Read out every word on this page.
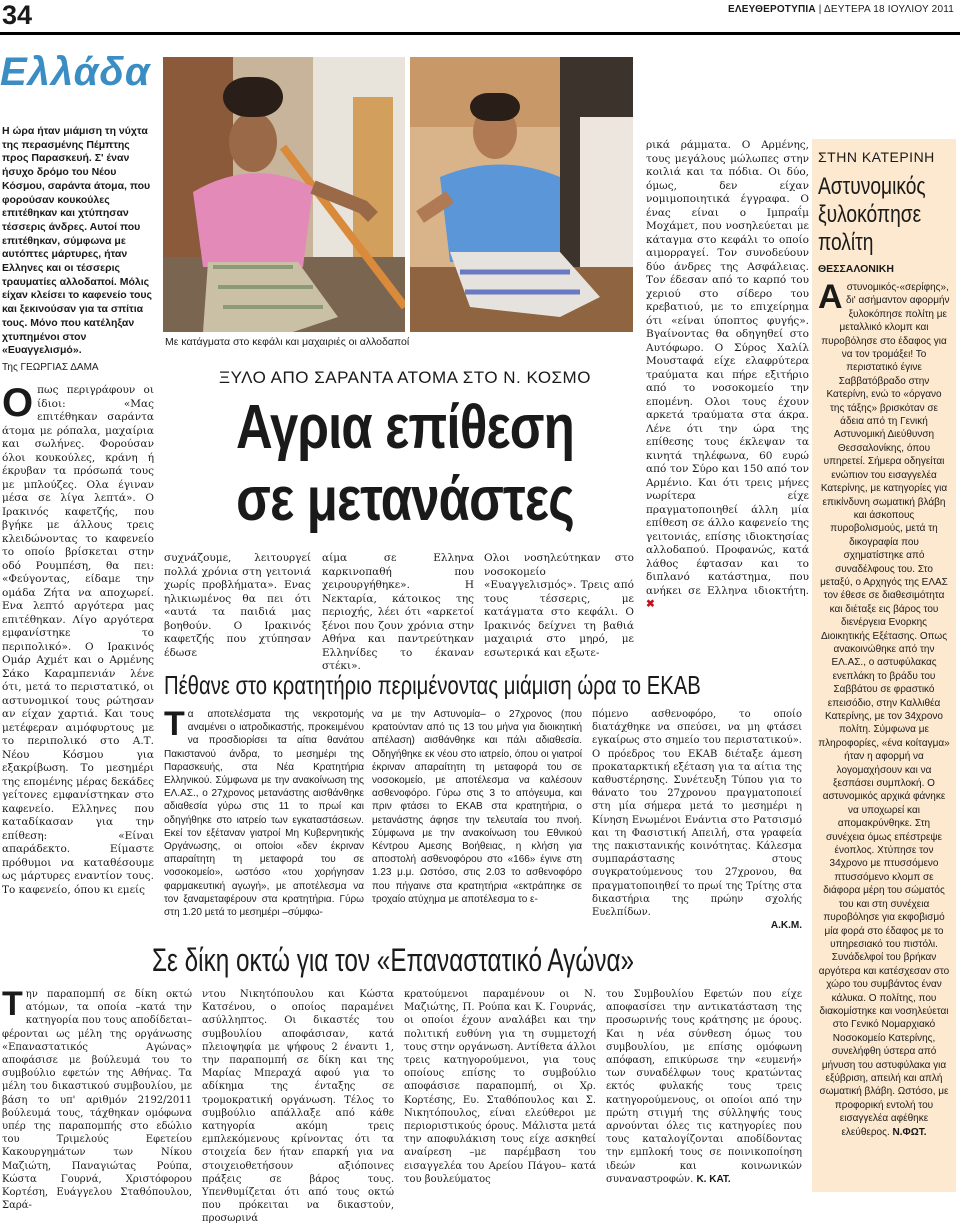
34	ΕΛΕΥΘΕΡΟΤΥΠΙΑ | ΔΕΥΤΕΡΑ 18 ΙΟΥΛΙΟΥ 2011
Ελλάδα
Η ώρα ήταν μιάμιση τη νύχτα της περασμένης Πέμπτης προς Παρασκευή. Σ' έναν ήσυχο δρόμο του Νέου Κόσμου, σαράντα άτομα, που φορούσαν κουκούλες επιτέθηκαν και χτύπησαν τέσσερις άνδρες. Αυτοί που επιτέθηκαν, σύμφωνα με αυτόπτες μάρτυρες, ήταν Ελληνες και οι τέσσερις τραυματίες αλλοδαποί. Μόλις είχαν κλείσει το καφενείο τους και ξεκινούσαν για τα σπίτια τους. Μόνο που κατέληξαν χτυπημένοι στον «Ευαγγελισμό».
Της ΓΕΩΡΓΙΑΣ ΔΑΜΑ
Οπως περιγράφουν οι ίδιοι: «Μας επιτέθηκαν σαράντα άτομα με ρόπαλα, μαχαίρια και σωλήνες. Φορούσαν όλοι κουκούλες, κράνη ή έκρυβαν τα πρόσωπά τους με μπλούζες. Ολα έγιναν μέσα σε λίγα λεπτά». Ο Ιρακινός καφετζής, που βγήκε με άλλους τρεις κλειδώνοντας το καφενείο το οποίο βρίσκεται στην οδό Ρουμπέση, θα πει: «Φεύγοντας, είδαμε την ομάδα Ζήτα να αποχωρεί. Ενα λεπτό αργότερα μας επιτέθηκαν. Λίγο αργότερα εμφανίστηκε το περιπολικό». Ο Ιρακινός Ομάρ Αχμέτ και ο Αρμένης Σάκο Καραμπενιάν λένε ότι, μετά το περιστατικό, οι αστυνομικοί τους ρώτησαν αν είχαν χαρτιά. Και τους μετέφεραν αιμόφυρτους με το περιπολικό στο Α.Τ. Νέου Κόσμου για εξακρίβωση. Το μεσημέρι της επομένης μέρας δεκάδες γείτονες εμφανίστηκαν στο καφενείο. Ελληνες που καταδίκασαν για την επίθεση: «Είναι απαράδεκτο. Είμαστε πρόθυμοι να καταθέσουμε ως μάρτυρες εναντίον τους. Το καφενείο, όπου κι εμείς
Με κατάγματα στο κεφάλι και μαχαιριές οι αλλοδαποί
ΞΥΛΟ ΑΠΟ ΣΑΡΑΝΤΑ ΑΤΟΜΑ ΣΤΟ Ν. ΚΟΣΜΟ
Αγρια επίθεση
σε μετανάστες
συχνάζουμε, λειτουργεί πολλά χρόνια στη γειτονιά χωρίς προβλήματα». Ενας ηλικιωμένος θα πει ότι «αυτά τα παιδιά μας βοηθούν. Ο Ιρακινός καφετζής που χτύπησαν έδωσε
αίμα σε Ελληνα καρκινοπαθή που χειρουργήθηκε». Η Νεκταρία, κάτοικος της περιοχής, λέει ότι «αρκετοί ξένοι που ζουν χρόνια στην Αθήνα και παντρεύτηκαν Ελληνίδες το έκαναν στέκι».
Ολοι νοσηλεύτηκαν στο νοσοκομείο «Ευαγγελισμός». Τρεις από τους τέσσερις, με κατάγματα στο κεφάλι. Ο Ιρακινός δείχνει τη βαθιά μαχαιριά στο μηρό, με εσωτερικά και εξωτε-
ρικά ράμματα. Ο Αρμένης, τους μεγάλους μώλωπες στην κοιλιά και τα πόδια. Οι δύο, όμως, δεν είχαν νομιμοποιητικά έγγραφα. Ο ένας είναι ο Ιμπραΐμ Μοχάμετ, που νοσηλεύεται με κάταγμα στο κεφάλι το οποίο αιμορραγεί. Τον συνοδεύουν δύο άνδρες της Ασφάλειας. Τον έδεσαν από το καρπό του χεριού στο σίδερο του κρεβατιού, με το επιχείρημα ότι «είναι ύποπτος φυγής». Βγαίνοντας θα οδηγηθεί στο Αυτόφωρο. Ο Σύρος Χαλίλ Μουσταφά είχε ελαφρύτερα τραύματα και πήρε εξιτήριο από το νοσοκομείο την επομένη. Ολοι τους έχουν αρκετά τραύματα στα άκρα. Λένε ότι την ώρα της επίθεσης τους έκλεψαν τα κινητά τηλέφωνα, 60 ευρώ από τον Σύρο και 150 από τον Αρμένιο. Και ότι τρεις μήνες νωρίτερα είχε πραγματοποιηθεί άλλη μία επίθεση σε άλλο καφενείο της γειτονιάς, επίσης ιδιοκτησίας αλλοδαπού. Προφανώς, κατά λάθος έφτασαν και το διπλανό κατάστημα, που ανήκει σε Ελληνα ιδιοκτήτη. ✖
Πέθανε στο κρατητήριο περιμένοντας μιάμιση ώρα το ΕΚΑΒ
Τα αποτελέσματα της νεκροτομής αναμένει ο ιατροδικαστής, προκειμένου να προσδιορίσει τα αίτια θανάτου Πακιστανού άνδρα, το μεσημέρι της Παρασκευής, στα Νέα Κρατητήρια Ελληνικού. Σύμφωνα με την ανακοίνωση της ΕΛ.ΑΣ., ο 27χρονος μετανάστης αισθάνθηκε αδιαθεσία γύρω στις 11 το πρωί και οδηγήθηκε στο ιατρείο των εγκαταστάσεων. Εκεί τον εξέταναν γιατροί Μη Κυβερνητικής Οργάνωσης, οι οποίοι «δεν έκριναν απαραίτητη τη μεταφορά του σε νοσοκομείο», ωστόσο «του χορήγησαν φαρμακευτική αγωγή», με αποτέλεσμα να τον ξαναμεταφέρουν στα κρατητήρια. Γύρω στη 1.20 μετά το μεσημέρι –σύμφω-
να με την Αστυνομία– ο 27χρονος (που κρατούνταν από τις 13 του μήνα για διοικητική απέλαση) αισθάνθηκε και πάλι αδιαθεσία. Οδηγήθηκε εκ νέου στο ιατρείο, όπου οι γιατροί έκριναν απαραίτητη τη μεταφορά του σε νοσοκομείο, με αποτέλεσμα να καλέσουν ασθενοφόρο. Γύρω στις 3 το απόγευμα, και πριν φτάσει το ΕΚΑΒ στα κρατητήρια, ο μετανάστης άφησε την τελευταία του πνοή. Σύμφωνα με την ανακοίνωση του Εθνικού Κέντρου Αμεσης Βοήθειας, η κλήση για αποστολή ασθενοφόρου στο «166» έγινε στη 1.23 μ.μ. Ωστόσο, στις 2.03 το ασθενοφόρο που πήγαινε στα κρατητήρια «εκτράπηκε σε τροχαίο ατύχημα με αποτέλεσμα το ε-
πόμενο ασθενοφόρο, το οποίο διατάχθηκε να σπεύσει, να μη φτάσει εγκαίρως στο σημείο του περιστατικού». Ο πρόεδρος του ΕΚΑΒ διέταξε άμεση προκαταρκτική εξέταση για τα αίτια της καθυστέρησης. Συνέτευξη Τύπου για το θάνατο του 27χρονου πραγματοποιεί στη μία σήμερα μετά το μεσημέρι η Κίνηση Ενωμένοι Ενάντια στο Ρατσισμό και τη Φασιστική Απειλή, στα γραφεία της πακιστανικής κοινότητας. Κάλεσμα συμπαράστασης στους συγκρατούμενους του 27χρονου, θα πραγματοποιηθεί το πρωί της Τρίτης στα δικαστήρια της πρώην σχολής Ευελπίδων.
Α.Κ.Μ.
Σε δίκη οκτώ για τον «Επαναστατικό Αγώνα»
Την παραπομπή σε δίκη οκτώ ατόμων, τα οποία –κατά την κατηγορία που τους αποδίδεται– φέρονται ως μέλη της οργάνωσης «Επαναστατικός Αγώνας» αποφάσισε με βούλευμά του το συμβούλιο εφετών της Αθήνας. Τα μέλη του δικαστικού συμβουλίου, με βάση το υπ' αριθμόν 2192/2011 βούλευμά τους, τάχθηκαν ομόφωνα υπέρ της παραπομπής στο εδώλιο του Τριμελούς Εφετείου Κακουργημάτων των Νίκου Μαζιώτη, Παναγιώτας Ρούπα, Κώστα Γουρνά, Χριστόφορου Κορτέση, Ευάγγελου Σταθόπουλου, Σαρά-
ντου Νικητόπουλου και Κώστα Κατσένου, ο οποίος παραμένει ασύλληπτος. Οι δικαστές του συμβουλίου αποφάσισαν, κατά πλειοψηφία με ψήφους 2 έναντι 1, την παραπομπή σε δίκη και της Μαρίας Μπεραχά αφού για το αδίκημα της ένταξης σε τρομοκρατική οργάνωση. Τέλος το συμβούλιο απάλλαξε από κάθε κατηγορία ακόμη τρεις εμπλεκόμενους κρίνοντας ότι τα στοιχεία δεν ήταν επαρκή για να στοιχειοθετήσουν αξιόποινες πράξεις σε βάρος τους. Υπενθυμίζεται ότι από τους οκτώ που πρόκειται να δικαστούν, προσωρινά
κρατούμενοι παραμένουν οι Ν. Μαζιώτης, Π. Ρούπα και Κ. Γουρνάς, οι οποίοι έχουν αναλάβει και την πολιτική ευθύνη για τη συμμετοχή τους στην οργάνωση. Αντίθετα άλλοι τρεις κατηγορούμενοι, για τους οποίους επίσης το συμβούλιο αποφάσισε παραπομπή, οι Χρ. Κορτέσης, Ευ. Σταθόπουλος και Σ. Νικητόπουλος, είναι ελεύθεροι με περιοριστικούς όρους. Μάλιστα μετά την αποφυλάκιση τους είχε ασκηθεί αναίρεση –με παρέμβαση του εισαγγελέα του Αρείου Πάγου– κατά του βουλεύματος
του Συμβουλίου Εφετών που είχε αποφασίσει την αντικατάσταση της προσωρινής τους κράτησης με όρους. Και η νέα σύνθεση όμως του συμβουλίου, με επίσης ομόφωνη απόφαση, επικύρωσε την «ευμενή» των συναδέλφων τους κρατώντας εκτός φυλακής τους τρεις κατηγορούμενους, οι οποίοι από την πρώτη στιγμή της σύλληψής τους αρνούνται όλες τις κατηγορίες που τους καταλογίζονται αποδίδοντας την εμπλοκή τους σε ποινικοποίηση ιδεών και κοινωνικών συναναστροφών. Κ. ΚΑΤ.
ΣΤΗΝ ΚΑΤΕΡΙΝΗ
Αστυνομικός
ξυλοκόπησε
πολίτη
ΘΕΣΣΑΛΟΝΙΚΗ
Αστυνομικός-«σερίφης», δι' ασήμαντον αφορμήν ξυλοκόπησε πολίτη με μεταλλικό κλομπ και πυροβόλησε στο έδαφος για να τον τρομάξει! Το περιστατικό έγινε Σαββατόβραδο στην Κατερίνη, ενώ το «όργανο της τάξης» βρισκόταν σε άδεια από τη Γενική Αστυνομική Διεύθυνση Θεσσαλονίκης, όπου υπηρετεί. Σήμερα οδηγείται ενώπιον του εισαγγελέα Κατερίνης, με κατηγορίες για επικίνδυνη σωματική βλάβη και άσκοπους πυροβολισμούς, μετά τη δικογραφία που σχηματίστηκε από συναδέλφους του. Στο μεταξύ, ο Αρχηγός της ΕΛΑΣ τον έθεσε σε διαθεσιμότητα και διέταξε εις βάρος του διενέργεια Ενορκης Διοικητικής Εξέτασης. Οπως ανακοινώθηκε από την ΕΛ.ΑΣ., ο αστυφύλακας ενεπλάκη το βράδυ του Σαββάτου σε φραστικό επεισόδιο, στην Καλλιθέα Κατερίνης, με τον 34χρονο πολίτη. Σύμφωνα με πληροφορίες, «ένα κοίταγμα» ήταν η αφορμή να λογομαχήσουν και να ξεσπάσει συμπλοκή. Ο αστυνομικός αρχικά φάνηκε να υποχωρεί και απομακρύνθηκε. Στη συνέχεια όμως επέστρεψε ένοπλος. Χτύπησε τον 34χρονο με πτυσσόμενο πτυσσόμενο κλομπ σε διάφορα μέρη του σώματός του και στη συνέχεια πυροβόλησε για εκφοβισμό μία φορά στο έδαφος με το υπηρεσιακό του πιστόλι. Συνάδελφοί του βρήκαν αργότερα και κατέσχεσαν στο χώρο του συμβάντος έναν κάλυκα. Ο πολίτης, που διακομίστηκε και νοσηλεύεται στο Γενικό Νομαρχιακό Νοσοκομείο Κατερίνης, συνελήφθη ύστερα από μήνυση του αστυφύλακα για εξύβριση, απειλή και απλή σωματική βλάβη. Ωστόσο, με προφορική εντολή του εισαγγελέα αφέθηκε ελεύθερος. Ν.ΦΩΤ.
